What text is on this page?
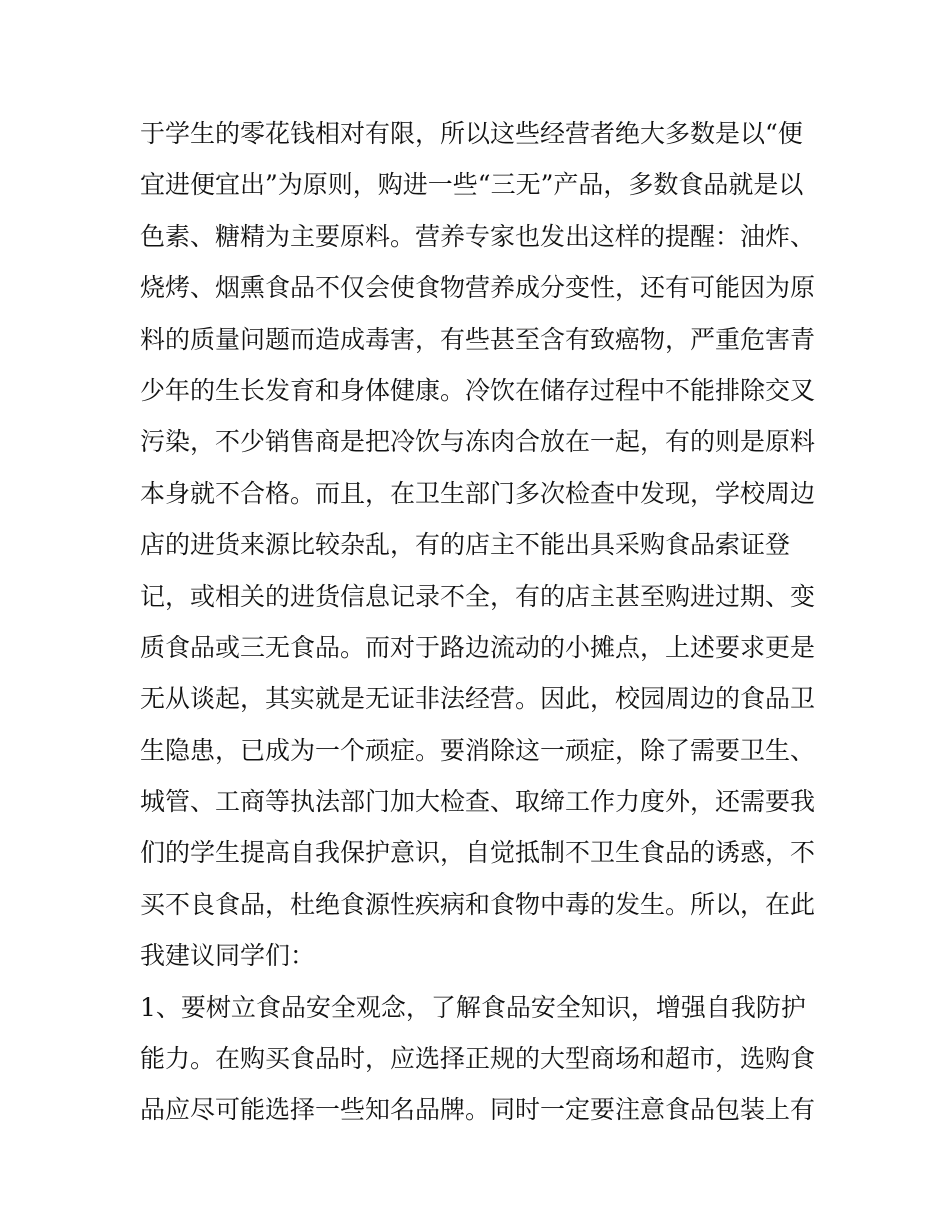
于学生的零花钱相对有限，所以这些经营者绝大多数是以“便
宜进便宜出”为原则，购进一些“三无”产品，多数食品就是以
色素、糖精为主要原料。营养专家也发出这样的提醒：油炸、
烧烤、烟熏食品不仅会使食物营养成分变性，还有可能因为原
料的质量问题而造成毒害，有些甚至含有致癌物，严重危害青
少年的生长发育和身体健康。冷饮在储存过程中不能排除交叉
污染，不少销售商是把冷饮与冻肉合放在一起，有的则是原料
本身就不合格。而且，在卫生部门多次检查中发现，学校周边
店的进货来源比较杂乱，有的店主不能出具采购食品索证登
记，或相关的进货信息记录不全，有的店主甚至购进过期、变
质食品或三无食品。而对于路边流动的小摊点，上述要求更是
无从谈起，其实就是无证非法经营。因此，校园周边的食品卫
生隐患，已成为一个顽症。要消除这一顽症，除了需要卫生、
城管、工商等执法部门加大检查、取缔工作力度外，还需要我
们的学生提高自我保护意识，自觉抵制不卫生食品的诱惑，不
买不良食品，杜绝食源性疾病和食物中毒的发生。所以，在此
我建议同学们：
1、要树立食品安全观念，了解食品安全知识，增强自我防护
能力。在购买食品时，应选择正规的大型商场和超市，选购食
品应尽可能选择一些知名品牌。同时一定要注意食品包装上有
